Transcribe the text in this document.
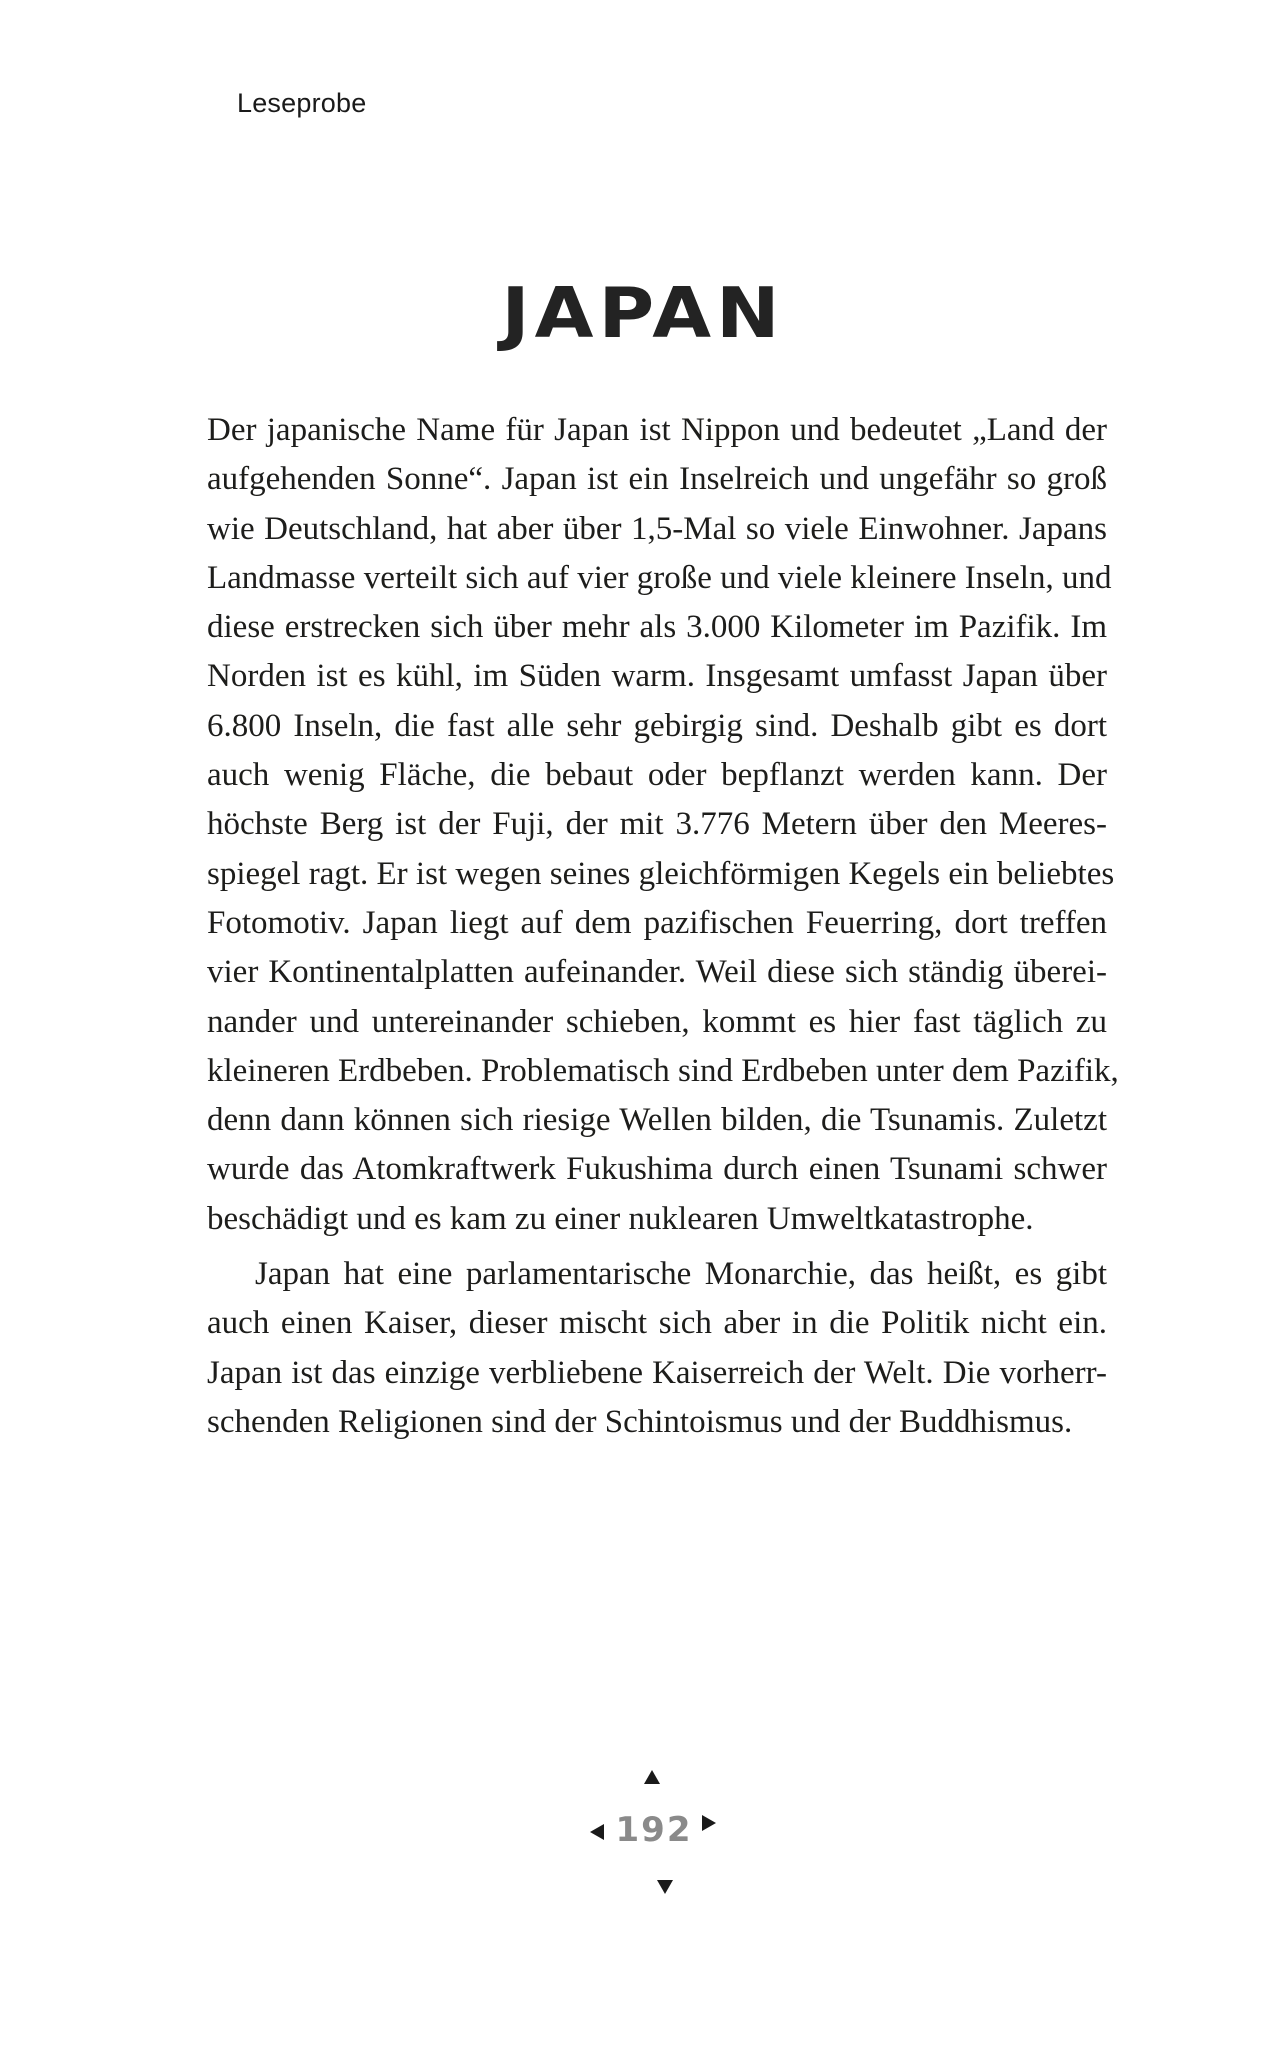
Leseprobe
JAPAN

Der japanische Name für Japan ist Nippon und bedeutet „Land der
aufgehenden Sonne“. Japan ist ein Inselreich und ungefähr so groß
wie Deutschland, hat aber über 1,5-Mal so viele Einwohner. Japans
Landmasse verteilt sich auf vier große und viele kleinere Inseln, und
diese erstrecken sich über mehr als 3.000 Kilometer im Pazifik. Im
Norden ist es kühl, im Süden warm. Insgesamt umfasst Japan über
6.800 Inseln, die fast alle sehr gebirgig sind. Deshalb gibt es dort
auch wenig Fläche, die bebaut oder bepflanzt werden kann. Der
höchste Berg ist der Fuji, der mit 3.776 Metern über den Meeres-
spiegel ragt. Er ist wegen seines gleichförmigen Kegels ein beliebtes
Fotomotiv. Japan liegt auf dem pazifischen Feuerring, dort treffen
vier Kontinentalplatten aufeinander. Weil diese sich ständig überei-
nander und untereinander schieben, kommt es hier fast täglich zu
kleineren Erdbeben. Problematisch sind Erdbeben unter dem Pazifik,
denn dann können sich riesige Wellen bilden, die Tsunamis. Zuletzt
wurde das Atomkraftwerk Fukushima durch einen Tsunami schwer
beschädigt und es kam zu einer nuklearen Umweltkatastrophe.

Japan hat eine parlamentarische Monarchie, das heißt, es gibt
auch einen Kaiser, dieser mischt sich aber in die Politik nicht ein.
Japan ist das einzige verbliebene Kaiserreich der Welt. Die vorherr-
schenden Religionen sind der Schintoismus und der Buddhismus.

192
